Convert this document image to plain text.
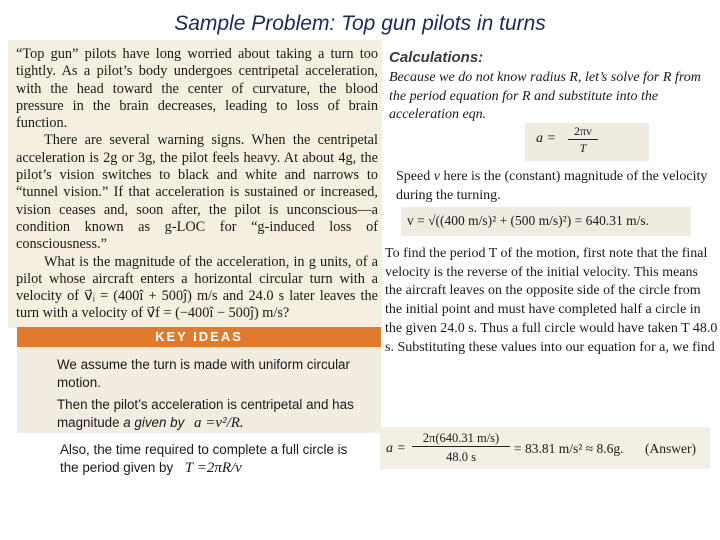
Sample Problem: Top gun pilots in turns

“Top gun” pilots have long worried about taking a turn too tightly. As a pilot’s body undergoes centripetal acceleration, with the head toward the center of curvature, the blood pressure in the brain decreases, leading to loss of brain function.

There are several warning signs. When the centripetal acceleration is 2g or 3g, the pilot feels heavy. At about 4g, the pilot’s vision switches to black and white and narrows to “tunnel vision.” If that acceleration is sustained or increased, vision ceases and, soon after, the pilot is unconscious—a condition known as g-LOC for “g-induced loss of consciousness.”

What is the magnitude of the acceleration, in g units, of a pilot whose aircraft enters a horizontal circular turn with a velocity of v⃗ᵢ = (400î + 500ĵ) m/s and 24.0 s later leaves the turn with a velocity of v⃗f = (−400î − 500ĵ) m/s?

KEY IDEAS
We assume the turn is made with uniform circular motion.
Then the pilot’s acceleration is centripetal and has magnitude a given by a =v²/R.
Also, the time required to complete a full circle is the period given by T =2πR/v
Calculations:
Because we do not know radius R, let’s solve for R from the period equation for R and substitute into the acceleration eqn.
a =	2πv
T
Speed v here is the (constant) magnitude of the velocity during the turning.
v = √((400 m/s)² + (500 m/s)²) = 640.31 m/s.
To find the period T of the motion, first note that the final velocity is the reverse of the initial velocity. This means the aircraft leaves on the opposite side of the circle from the initial point and must have completed half a circle in the given 24.0 s. Thus a full circle would have taken T 48.0 s. Substituting these values into our equation for a, we find
a =
2π(640.31 m/s)
48.0 s
= 83.81 m/s² ≈ 8.6g. (Answer)
